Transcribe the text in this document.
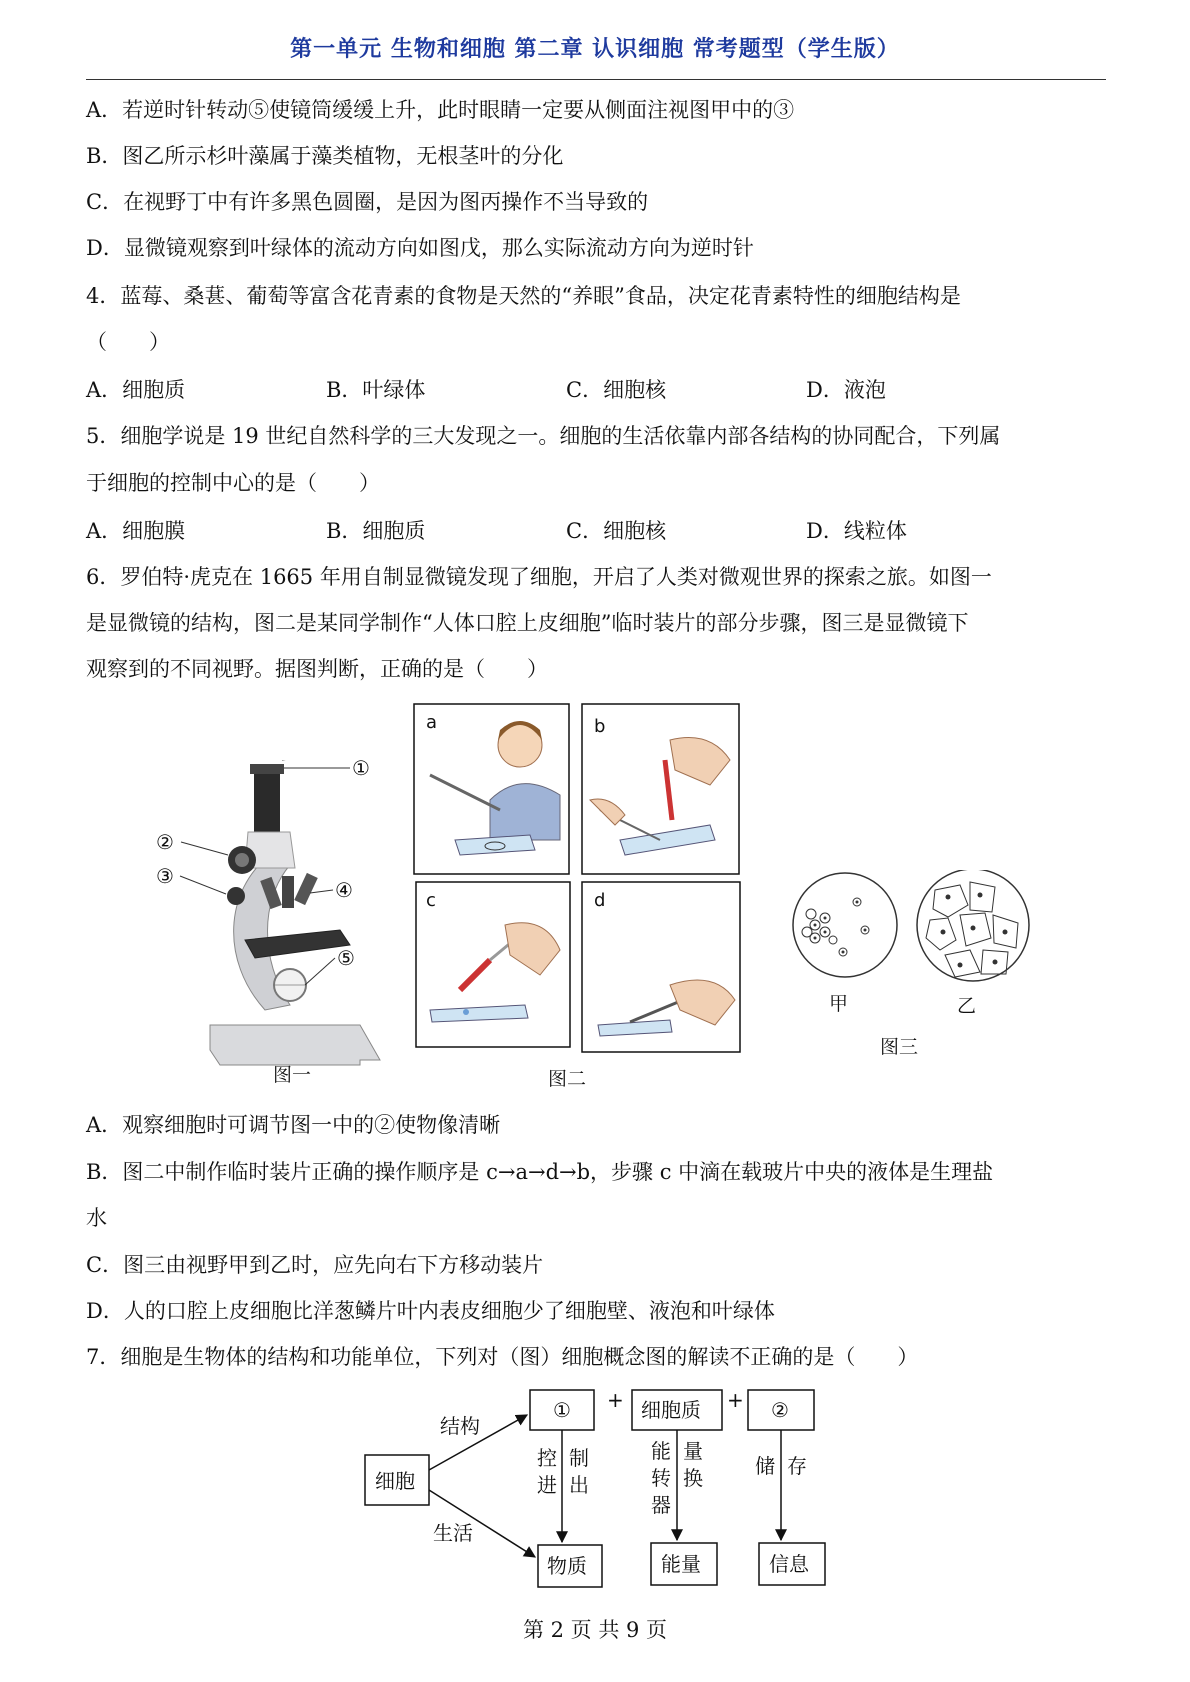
第一单元 生物和细胞 第二章 认识细胞 常考题型（学生版）
A．若逆时针转动⑤使镜筒缓缓上升，此时眼睛一定要从侧面注视图甲中的③
B．图乙所示杉叶藻属于藻类植物，无根茎叶的分化
C．在视野丁中有许多黑色圆圈，是因为图丙操作不当导致的
D．显微镜观察到叶绿体的流动方向如图戊，那么实际流动方向为逆时针
4．蓝莓、桑葚、葡萄等富含花青素的食物是天然的“养眼”食品，决定花青素特性的细胞结构是
（　　）
A．细胞质	B．叶绿体	C．细胞核	D．液泡
5．细胞学说是 19 世纪自然科学的三大发现之一。细胞的生活依靠内部各结构的协同配合，下列属
于细胞的控制中心的是（　　）
A．细胞膜	B．细胞质	C．细胞核	D．线粒体
6．罗伯特·虎克在 1665 年用自制显微镜发现了细胞，开启了人类对微观世界的探索之旅。如图一
是显微镜的结构，图二是某同学制作“人体口腔上皮细胞”临时装片的部分步骤，图三是显微镜下
观察到的不同视野。据图判断，正确的是（　　）
①
②
③
④
⑤
图一
a	b
c	d
图二
甲	乙
图三
A．观察细胞时可调节图一中的②使物像清晰
B．图二中制作临时装片正确的操作顺序是 c→a→d→b，步骤 c 中滴在载玻片中央的液体是生理盐
水
C．图三由视野甲到乙时，应先向右下方移动装片
D．人的口腔上皮细胞比洋葱鳞片叶内表皮细胞少了细胞壁、液泡和叶绿体
7．细胞是生物体的结构和功能单位，下列对（图）细胞概念图的解读不正确的是（　　）
细胞
结构
生活
① + 细胞质 + ②
控 制
进 出
能 量
转 换
器
储 存
物质	能量	信息
第 2 页 共 9 页
